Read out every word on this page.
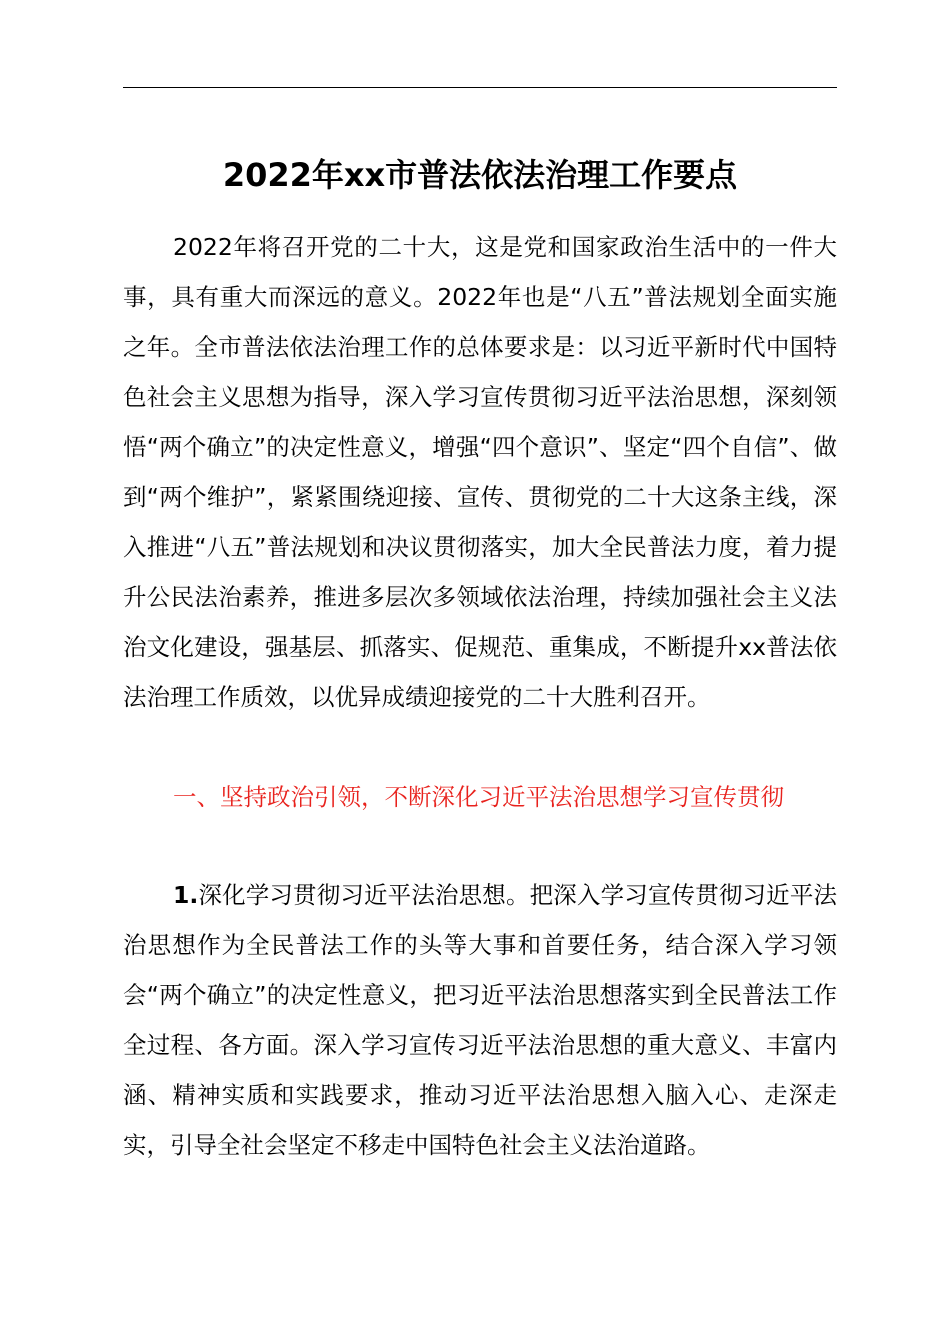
2022年xx市普法依法治理工作要点

2022年将召开党的二十大，这是党和国家政治生活中的一件大事，具有重大而深远的意义。2022年也是“八五”普法规划全面实施之年。全市普法依法治理工作的总体要求是：以习近平新时代中国特色社会主义思想为指导，深入学习宣传贯彻习近平法治思想，深刻领悟“两个确立”的决定性意义，增强“四个意识”、坚定“四个自信”、做到“两个维护”，紧紧围绕迎接、宣传、贯彻党的二十大这条主线，深入推进“八五”普法规划和决议贯彻落实，加大全民普法力度，着力提升公民法治素养，推进多层次多领域依法治理，持续加强社会主义法治文化建设，强基层、抓落实、促规范、重集成，不断提升xx普法依法治理工作质效，以优异成绩迎接党的二十大胜利召开。

一、坚持政治引领，不断深化习近平法治思想学习宣传贯彻

1.深化学习贯彻习近平法治思想。把深入学习宣传贯彻习近平法治思想作为全民普法工作的头等大事和首要任务，结合深入学习领会“两个确立”的决定性意义，把习近平法治思想落实到全民普法工作全过程、各方面。深入学习宣传习近平法治思想的重大意义、丰富内涵、精神实质和实践要求，推动习近平法治思想入脑入心、走深走实，引导全社会坚定不移走中国特色社会主义法治道路。
